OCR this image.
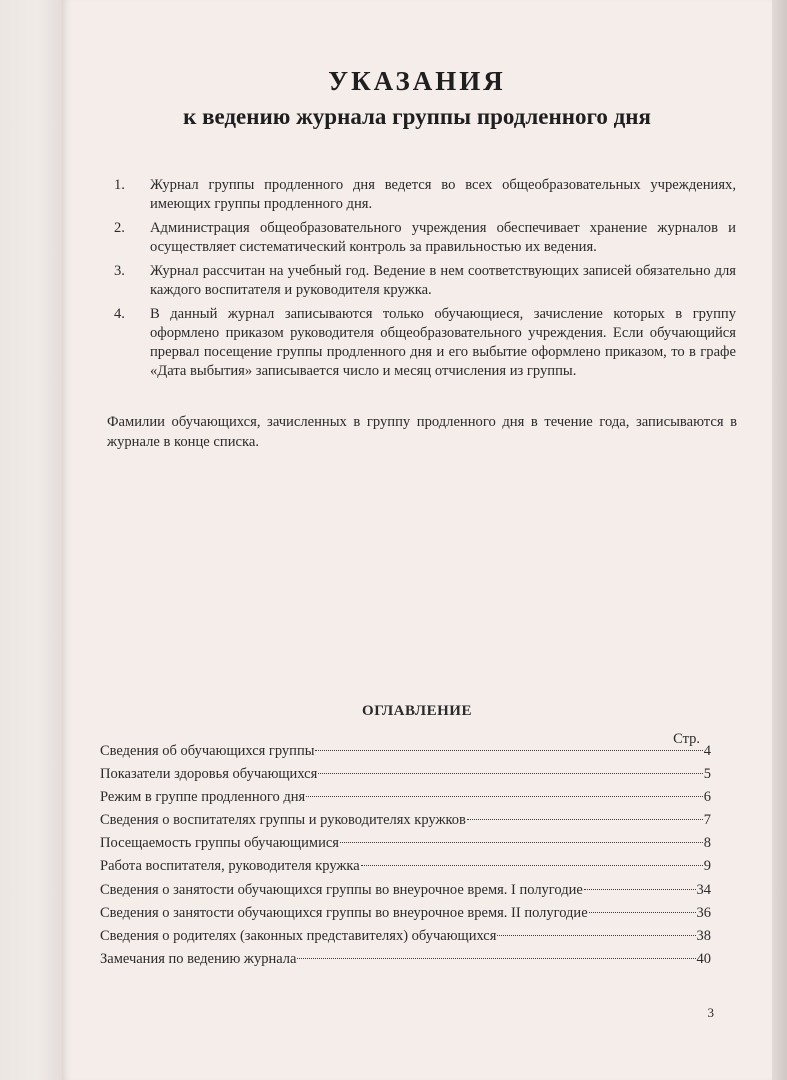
УКАЗАНИЯ
к ведению журнала группы продленного дня
1.	Журнал группы продленного дня ведется во всех общеобразовательных учреждениях, имеющих группы продленного дня.
2.	Администрация общеобразовательного учреждения обеспечивает хранение журналов и осуществляет систематический контроль за правильностью их ведения.
3.	Журнал рассчитан на учебный год. Ведение в нем соответствующих записей обязательно для каждого воспитателя и руководителя кружка.
4.	В данный журнал записываются только обучающиеся, зачисление которых в группу оформлено приказом руководителя общеобразовательного учреждения. Если обучающийся прервал посещение группы продленного дня и его выбытие оформлено приказом, то в графе «Дата выбытия» записывается число и месяц отчисления из группы.
Фамилии обучающихся, зачисленных в группу продленного дня в течение года, записываются в журнале в конце списка.
ОГЛАВЛЕНИЕ
Стр.
Сведения об обучающихся группы	4
Показатели здоровья обучающихся	5
Режим в группе продленного дня	6
Сведения о воспитателях группы и руководителях кружков	7
Посещаемость группы обучающимися	8
Работа воспитателя, руководителя кружка	9
Сведения о занятости обучающихся группы во внеурочное время. I полугодие	34
Сведения о занятости обучающихся группы во внеурочное время. II полугодие	36
Сведения о родителях (законных представителях) обучающихся	38
Замечания по ведению журнала	40
3
